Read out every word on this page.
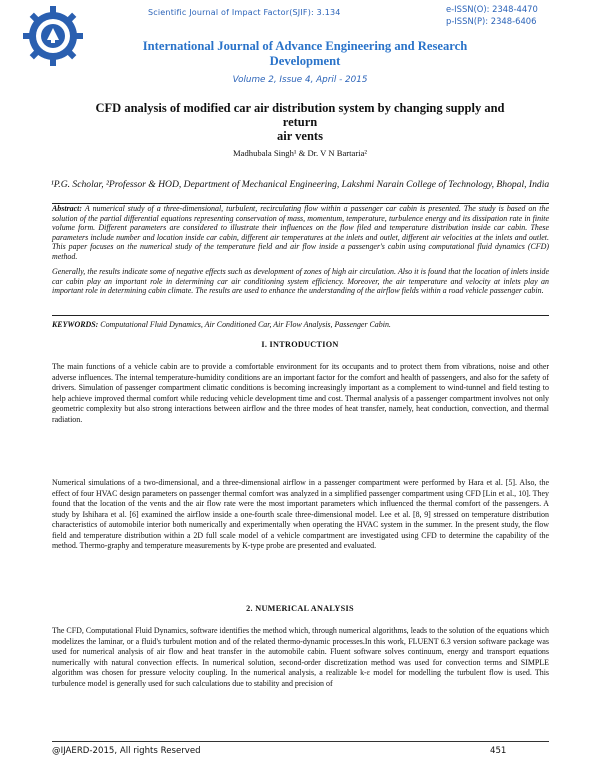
Scientific Journal of Impact Factor(SJIF): 3.134	e-ISSN(O): 2348-4470
p-ISSN(P): 2348-6406
International Journal of Advance Engineering and Research
Development
Volume 2, Issue 4, April - 2015
CFD analysis of modified car air distribution system by changing supply and return
air vents
Madhubala Singh¹ & Dr. V N Bartaria²
¹P.G. Scholar, ²Professor & HOD, Department of Mechanical Engineering, Lakshmi Narain College of Technology, Bhopal, India
Abstract: A numerical study of a three-dimensional, turbulent, recirculating flow within a passenger car cabin is presented. The study is based on the solution of the partial differential equations representing conservation of mass, momentum, temperature, turbulence energy and its dissipation rate in finite volume form. Different parameters are considered to illustrate their influences on the flow filed and temperature distribution inside car cabin. These parameters include number and location inside car cabin, different air temperatures at the inlets and outlet, different air velocities at the inlets and outlet. This paper focuses on the numerical study of the temperature field and air flow inside a passenger's cabin using computational fluid dynamics (CFD) method.
Generally, the results indicate some of negative effects such as development of zones of high air circulation. Also it is found that the location of inlets inside car cabin play an important role in determining car air conditioning system efficiency. Moreover, the air temperature and velocity at inlets play an important role in determining cabin climate. The results are used to enhance the understanding of the airflow fields within a road vehicle passenger cabin.
KEYWORDS: Computational Fluid Dynamics, Air Conditioned Car, Air Flow Analysis, Passenger Cabin.
I. INTRODUCTION
The main functions of a vehicle cabin are to provide a comfortable environment for its occupants and to protect them from vibrations, noise and other adverse influences. The internal temperature-humidity conditions are an important factor for the comfort and health of passengers, and also for the safety of drivers. Simulation of passenger compartment climatic conditions is becoming increasingly important as a complement to wind-tunnel and field testing to help achieve improved thermal comfort while reducing vehicle development time and cost. Thermal analysis of a passenger compartment involves not only geometric complexity but also strong interactions between airflow and the three modes of heat transfer, namely, heat conduction, convection, and thermal radiation.
Numerical simulations of a two-dimensional, and a three-dimensional airflow in a passenger compartment were performed by Hara et al. [5]. Also, the effect of four HVAC design parameters on passenger thermal comfort was analyzed in a simplified passenger compartment using CFD [Lin et al., 10]. They found that the location of the vents and the air flow rate were the most important parameters which influenced the thermal comfort of the passengers. A study by Ishihara et al. [6] examined the airflow inside a one-fourth scale three-dimensional model. Lee et al. [8, 9] stressed on temperature distribution characteristics of automobile interior both numerically and experimentally when operating the HVAC system in the summer. In the present study, the flow field and temperature distribution within a 2D full scale model of a vehicle compartment are investigated using CFD to determine the capability of the method. Thermo-graphy and temperature measurements by K-type probe are presented and evaluated.
2. NUMERICAL ANALYSIS
The CFD, Computational Fluid Dynamics, software identifies the method which, through numerical algorithms, leads to the solution of the equations which modelizes the laminar, or a fluid's turbulent motion and of the related thermo-dynamic processes.In this work, FLUENT 6.3 version software package was used for numerical analysis of air flow and heat transfer in the automobile cabin. Fluent software solves continuum, energy and transport equations numerically with natural convection effects. In numerical solution, second-order discretization method was used for convection terms and SIMPLE algorithm was chosen for pressure velocity coupling. In the numerical analysis, a realizable k-ε model for modelling the turbulent flow is used. This turbulence model is generally used for such calculations due to stability and precision of
@IJAERD-2015, All rights Reserved	451
